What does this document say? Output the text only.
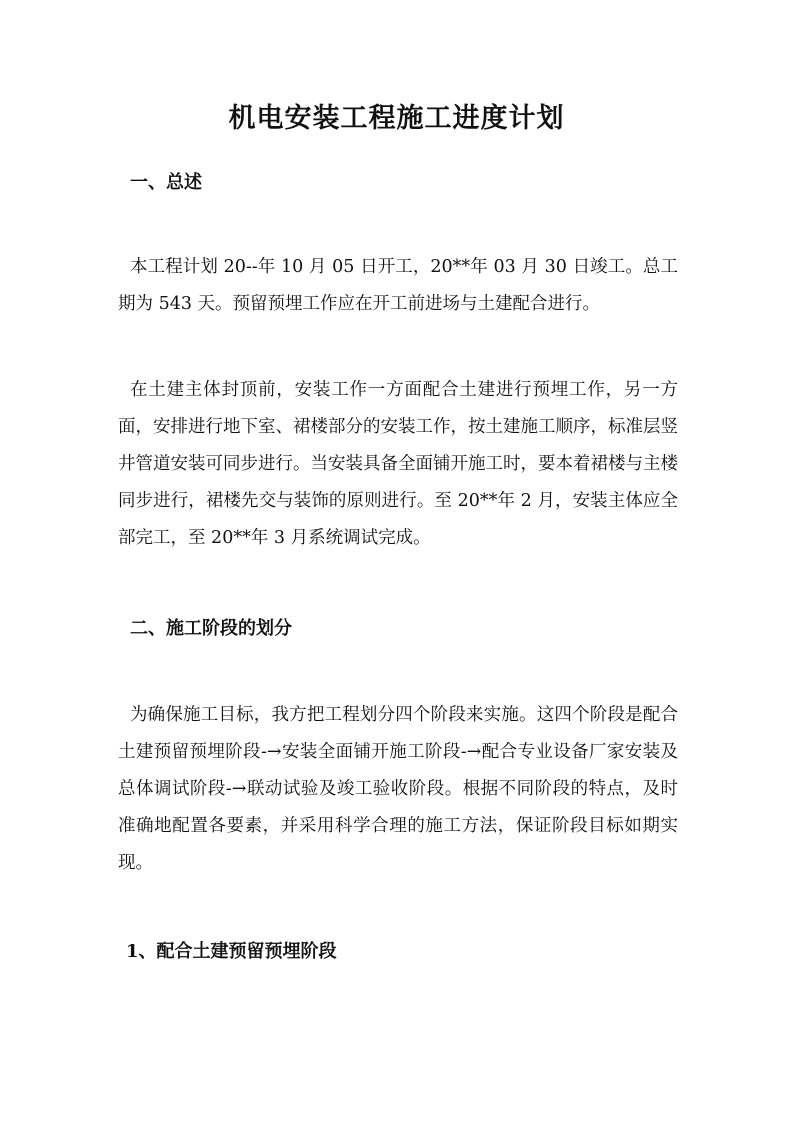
机电安装工程施工进度计划
一、总述

本工程计划 20--年 10 月 05 日开工，20**年 03 月 30 日竣工。总工期为 543 天。预留预埋工作应在开工前进场与土建配合进行。

在土建主体封顶前，安装工作一方面配合土建进行预埋工作，另一方面，安排进行地下室、裙楼部分的安装工作，按土建施工顺序，标准层竖井管道安装可同步进行。当安装具备全面铺开施工时，要本着裙楼与主楼同步进行，裙楼先交与装饰的原则进行。至 20**年 2 月，安装主体应全部完工，至 20**年 3 月系统调试完成。

二、施工阶段的划分

为确保施工目标，我方把工程划分四个阶段来实施。这四个阶段是配合土建预留预埋阶段-→安装全面铺开施工阶段-→配合专业设备厂家安装及总体调试阶段-→联动试验及竣工验收阶段。根据不同阶段的特点，及时准确地配置各要素，并采用科学合理的施工方法，保证阶段目标如期实现。

1、配合土建预留预埋阶段
